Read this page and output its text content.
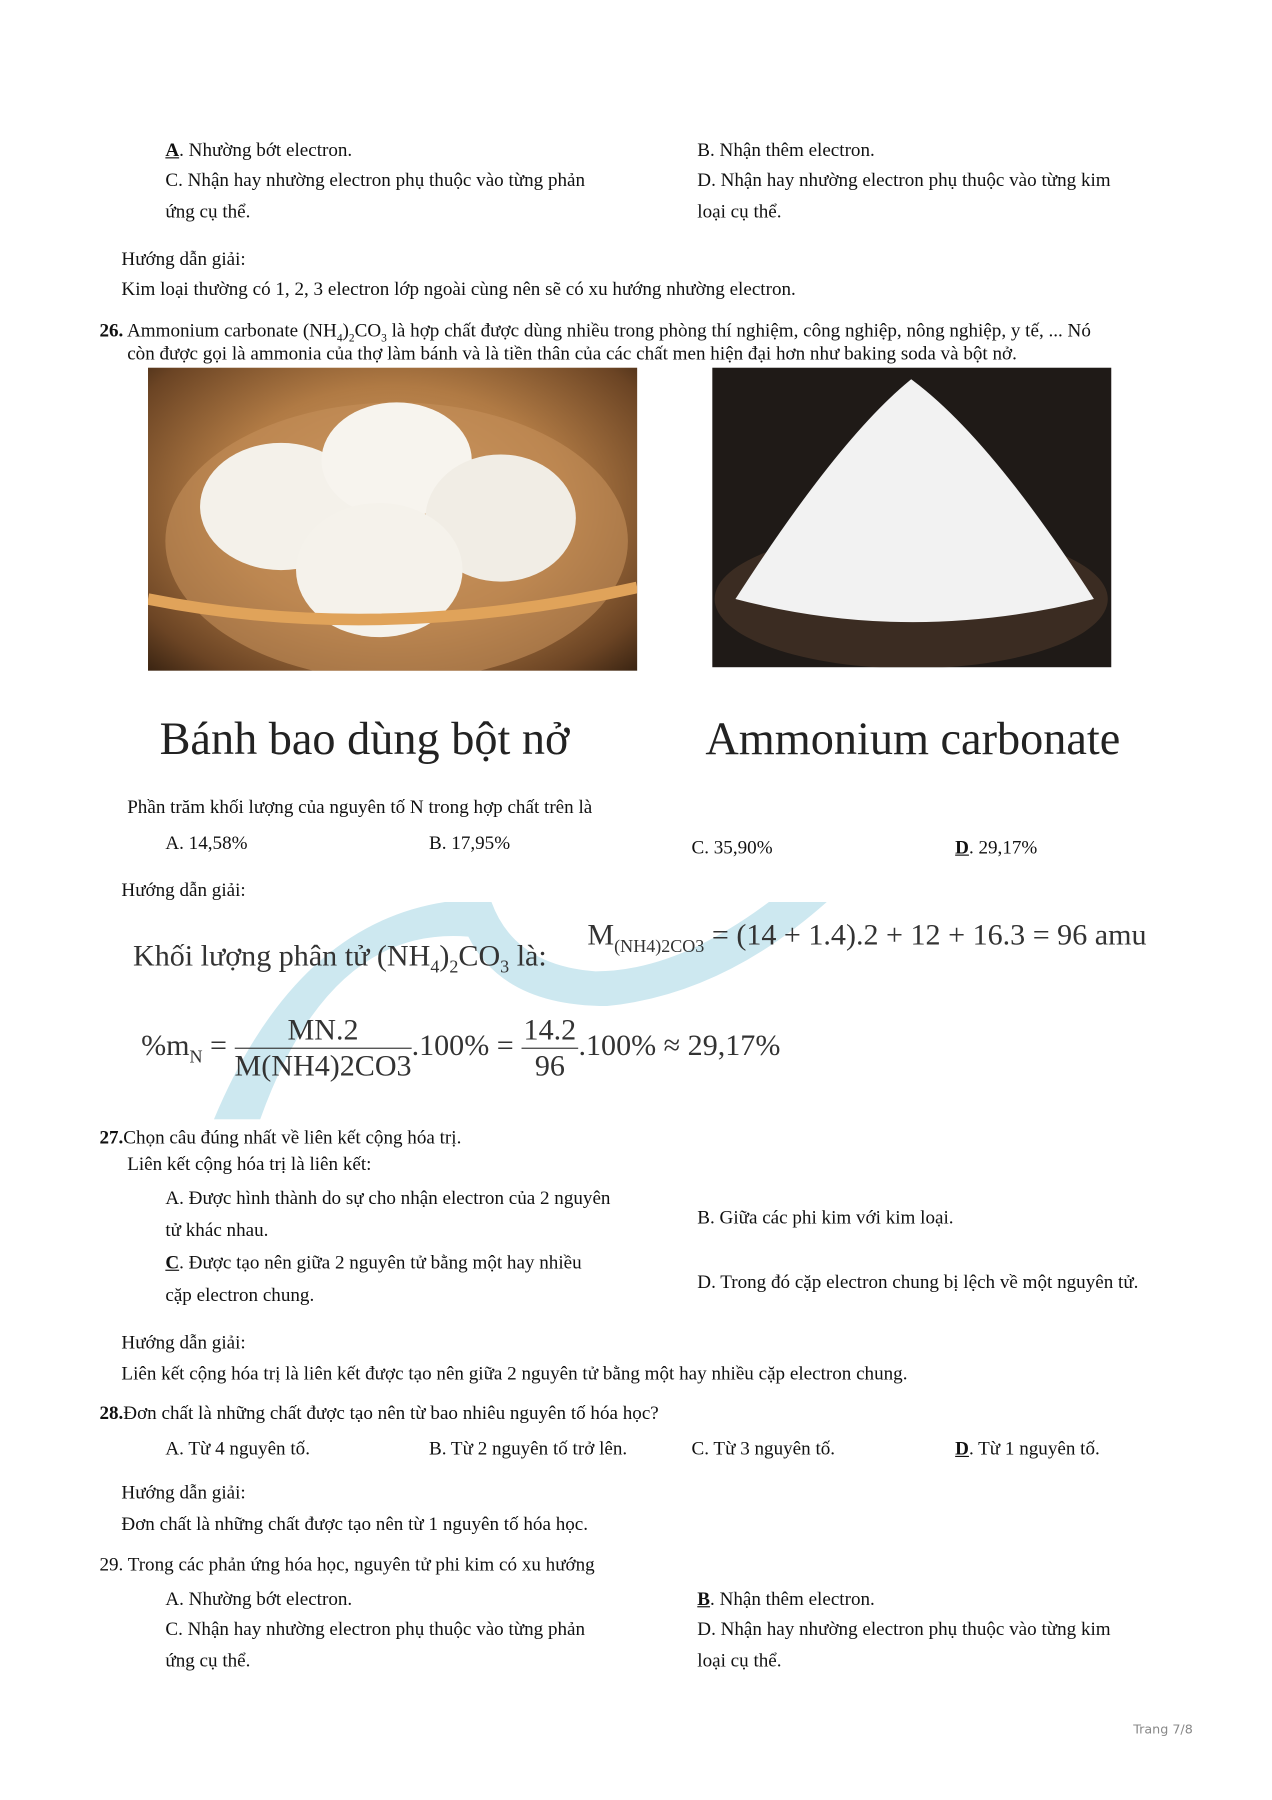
A. Nhường bớt electron.	B. Nhận thêm electron.
C. Nhận hay nhường electron phụ thuộc vào từng phản
ứng cụ thể.
D. Nhận hay nhường electron phụ thuộc vào từng kim
loại cụ thể.
Hướng dẫn giải:
Kim loại thường có 1, 2, 3 electron lớp ngoài cùng nên sẽ có xu hướng nhường electron.
26. Ammonium carbonate $(NH_4)_2CO_3$ là hợp chất được dùng nhiều trong phòng thí nghiệm, công nghiệp, nông nghiệp, y tế, ... Nó
còn được gọi là ammonia của thợ làm bánh và là tiền thân của các chất men hiện đại hơn như baking soda và bột nở.
Bánh bao dùng bột nở	Ammonium carbonate
Phần trăm khối lượng của nguyên tố N trong hợp chất trên là
A. 14,58%	B. 17,95%	C. 35,90%	D. 29,17%
Hướng dẫn giải:
Khối lượng phân tử $(NH_4)_2CO_3$ là:
$M_{(NH4)2CO3} = (14 + 1.4).2 + 12 + 16.3 = 96$ amu
$\%m_N = \frac{MN.2}{M(NH4)2CO3} .100\% = \frac{14.2}{96} .100\% \approx 29,17\%$
27.Chọn câu đúng nhất về liên kết cộng hóa trị.
Liên kết cộng hóa trị là liên kết:
A. Được hình thành do sự cho nhận electron của 2 nguyên
tử khác nhau.
B. Giữa các phi kim với kim loại.
C. Được tạo nên giữa 2 nguyên tử bằng một hay nhiều
cặp electron chung.
D. Trong đó cặp electron chung bị lệch về một nguyên tử.
Hướng dẫn giải:
Liên kết cộng hóa trị là liên kết được tạo nên giữa 2 nguyên tử bằng một hay nhiều cặp electron chung.
28.Đơn chất là những chất được tạo nên từ bao nhiêu nguyên tố hóa học?
A. Từ 4 nguyên tố.	B. Từ 2 nguyên tố trở lên.	C. Từ 3 nguyên tố.	D. Từ 1 nguyên tố.
Hướng dẫn giải:
Đơn chất là những chất được tạo nên từ 1 nguyên tố hóa học.
29. Trong các phản ứng hóa học, nguyên tử phi kim có xu hướng
A. Nhường bớt electron.	B. Nhận thêm electron.
C. Nhận hay nhường electron phụ thuộc vào từng phản
ứng cụ thể.
D. Nhận hay nhường electron phụ thuộc vào từng kim
loại cụ thể.
Trang 7/8
